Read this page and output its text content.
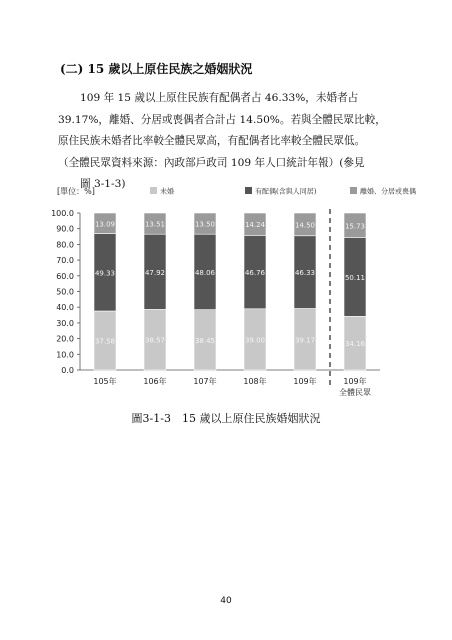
(二) 15 歲以上原住民族之婚姻狀況

109 年 15 歲以上原住民族有配偶者占 46.33%，未婚者占

39.17%，離婚、分居或喪偶者合計占 14.50%。若與全體民眾比較，

原住民族未婚者比率較全體民眾高，有配偶者比率較全體民眾低。

（全體民眾資料來源：內政部戶政司 109 年人口統計年報）(參見

圖 3-1-3)

[單位：%]	未婚	有配偶(含與人同居)	離婚、分居或喪偶
0.0
10.0
20.0
30.0
40.0
50.0
60.0
70.0
80.0
90.0
100.0
37.58
49.33
13.09
105年
38.57
47.92
13.51
106年
38.45
48.06
13.50
107年
39.00
46.76
14.24
108年
39.17
46.33
14.50
109年
34.16
50.11
15.73
109年
全體民眾
圖3-1-3　15 歲以上原住民族婚姻狀況
40
